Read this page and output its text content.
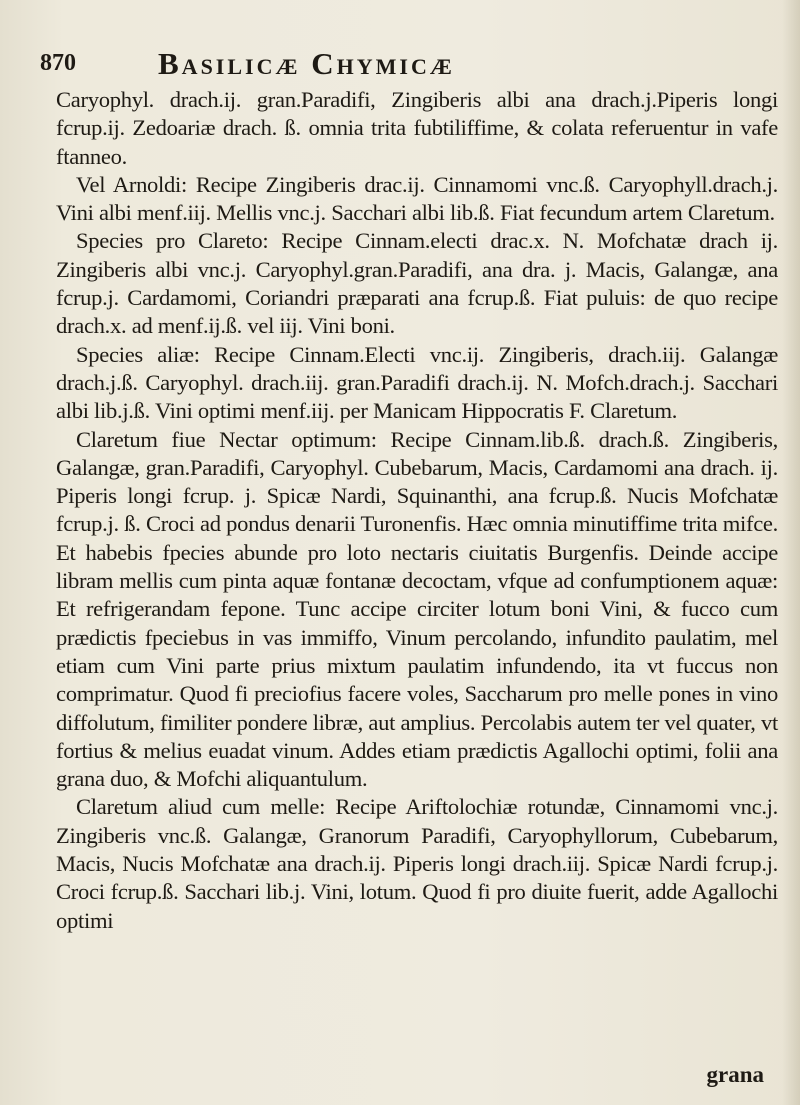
870	Basilicæ Chymicæ

Caryophyl. drach.ij. gran.Paradifi, Zingiberis albi ana drach.j.Piperis longi fcrup.ij. Zedoariæ drach. ß. omnia trita fubtiliffime, & colata referuentur in vafe ftanneo.

Vel Arnoldi: Recipe Zingiberis drac.ij. Cinnamomi vnc.ß. Caryophyll.drach.j. Vini albi menf.iij. Mellis vnc.j. Sacchari albi lib.ß. Fiat fecundum artem Claretum.

Species pro Clareto: Recipe Cinnam.electi drac.x. N. Mofchatæ drach ij. Zingiberis albi vnc.j. Caryophyl.gran.Paradifi, ana dra. j. Macis, Galangæ, ana fcrup.j. Cardamomi, Coriandri præparati ana fcrup.ß. Fiat puluis: de quo recipe drach.x. ad menf.ij.ß. vel iij. Vini boni.

Species aliæ: Recipe Cinnam.Electi vnc.ij. Zingiberis, drach.iij. Galangæ drach.j.ß. Caryophyl. drach.iij. gran.Paradifi drach.ij. N. Mofch.drach.j. Sacchari albi lib.j.ß. Vini optimi menf.iij. per Manicam Hippocratis F. Claretum.

Claretum fiue Nectar optimum: Recipe Cinnam.lib.ß. drach.ß. Zingiberis, Galangæ, gran.Paradifi, Caryophyl. Cubebarum, Macis, Cardamomi ana drach. ij. Piperis longi fcrup. j. Spicæ Nardi, Squinanthi, ana fcrup.ß. Nucis Mofchatæ fcrup.j. ß. Croci ad pondus denarii Turonenfis. Hæc omnia minutiffime trita mifce. Et habebis fpecies abunde pro loto nectaris ciuitatis Burgenfis. Deinde accipe libram mellis cum pinta aquæ fontanæ decoctam, vfque ad confumptionem aquæ: Et refrigerandam fepone. Tunc accipe circiter lotum boni Vini, & fucco cum prædictis fpeciebus in vas immiffo, Vinum percolando, infundito paulatim, mel etiam cum Vini parte prius mixtum paulatim infundendo, ita vt fuccus non comprimatur. Quod fi preciofius facere voles, Saccharum pro melle pones in vino diffolutum, fimiliter pondere libræ, aut amplius. Percolabis autem ter vel quater, vt fortius & melius euadat vinum. Addes etiam prædictis Agallochi optimi, folii ana grana duo, & Mofchi aliquantulum.

Claretum aliud cum melle: Recipe Ariftolochiæ rotundæ, Cinnamomi vnc.j. Zingiberis vnc.ß. Galangæ, Granorum Paradifi, Caryophyllorum, Cubebarum, Macis, Nucis Mofchatæ ana drach.ij. Piperis longi drach.iij. Spicæ Nardi fcrup.j. Croci fcrup.ß. Sacchari lib.j. Vini, lotum. Quod fi pro diuite fuerit, adde Agallochi optimi

grana
